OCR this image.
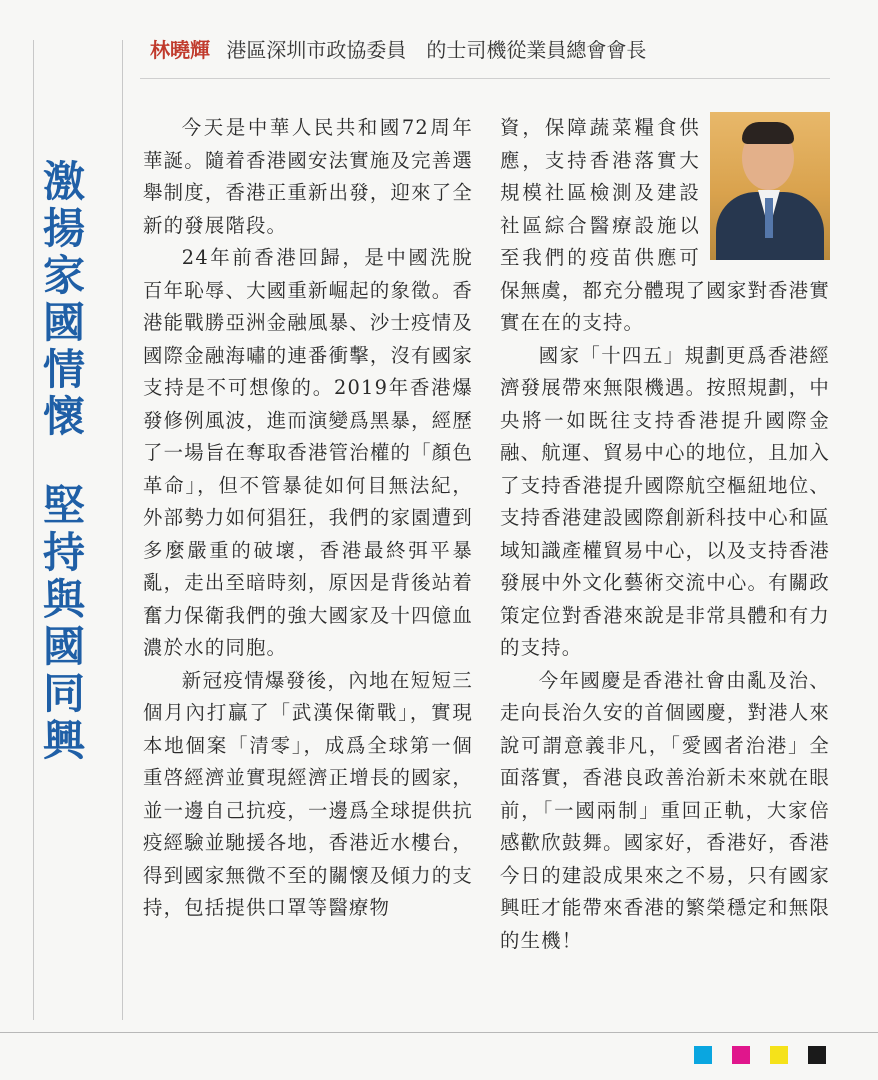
激
揚
家
國
情
懷
堅
持
與
國
同
興
林曉輝 港區深圳市政協委員　的士司機從業員總會會長

今天是中華人民共和國72周年華誕。隨着香港國安法實施及完善選舉制度，香港正重新出發，迎來了全新的發展階段。

24年前香港回歸，是中國洗脫百年恥辱、大國重新崛起的象徵。香港能戰勝亞洲金融風暴、沙士疫情及國際金融海嘯的連番衝擊，沒有國家支持是不可想像的。2019年香港爆發修例風波，進而演變爲黑暴，經歷了一場旨在奪取香港管治權的「顏色革命」，但不管暴徒如何目無法紀，外部勢力如何猖狂，我們的家園遭到多麼嚴重的破壞，香港最終弭平暴亂，走出至暗時刻，原因是背後站着奮力保衛我們的強大國家及十四億血濃於水的同胞。

新冠疫情爆發後，內地在短短三個月內打贏了「武漢保衛戰」，實現本地個案「清零」，成爲全球第一個重啓經濟並實現經濟正增長的國家，並一邊自己抗疫，一邊爲全球提供抗疫經驗並馳援各地，香港近水樓台，得到國家無微不至的關懷及傾力的支持，包括提供口罩等醫療物

資，保障蔬菜糧食供應，支持香港落實大規模社區檢測及建設社區綜合醫療設施以至我們的疫苗供應可保無虞，都充分體現了國家對香港實實在在的支持。

國家「十四五」規劃更爲香港經濟發展帶來無限機遇。按照規劃，中央將一如既往支持香港提升國際金融、航運、貿易中心的地位，且加入了支持香港提升國際航空樞紐地位、支持香港建設國際創新科技中心和區域知識產權貿易中心，以及支持香港發展中外文化藝術交流中心。有關政策定位對香港來說是非常具體和有力的支持。

今年國慶是香港社會由亂及治、走向長治久安的首個國慶，對港人來說可謂意義非凡，「愛國者治港」全面落實，香港良政善治新未來就在眼前，「一國兩制」重回正軌，大家倍感歡欣鼓舞。國家好，香港好，香港今日的建設成果來之不易，只有國家興旺才能帶來香港的繁榮穩定和無限的生機！
